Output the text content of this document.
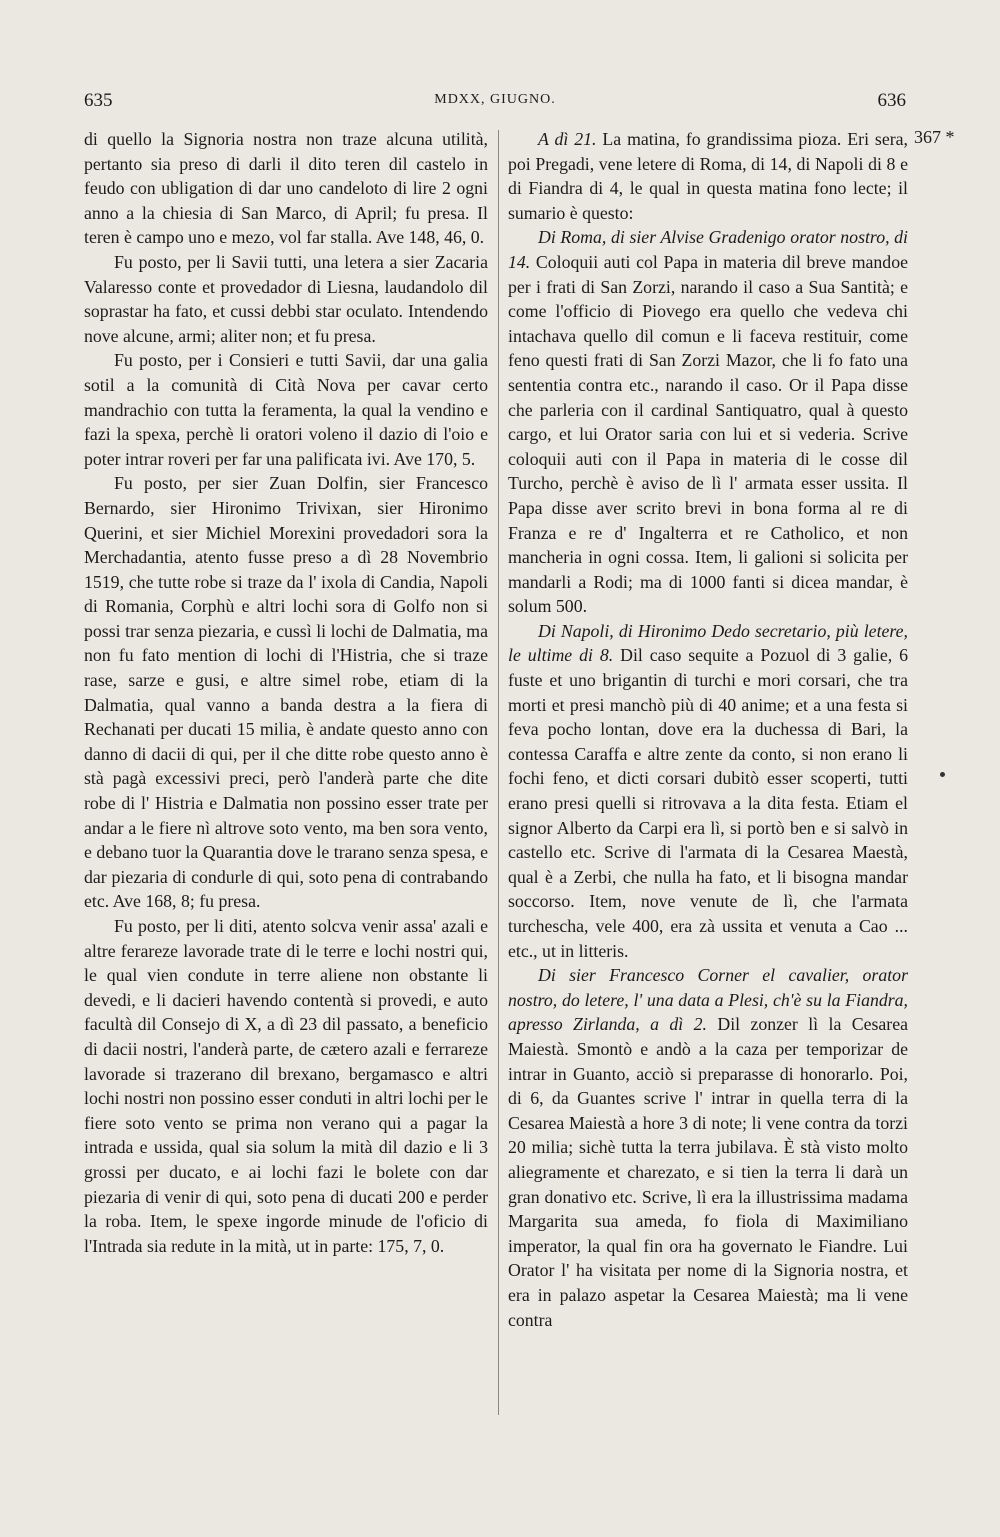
635	MDXX, GIUGNO.	636

di quello la Signoria nostra non traze alcuna utilità, pertanto sia preso di darli il dito teren dil castelo in feudo con ubligation di dar uno candeloto di lire 2 ogni anno a la chiesia di San Marco, di April; fu presa. Il teren è campo uno e mezo, vol far stalla. Ave 148, 46, 0.

Fu posto, per li Savii tutti, una letera a sier Zacaria Valaresso conte et provedador di Liesna, laudandolo dil soprastar ha fato, et cussi debbi star oculato. Intendendo nove alcune, armi; aliter non; et fu presa.

Fu posto, per i Consieri e tutti Savii, dar una galia sotil a la comunità di Cità Nova per cavar certo mandrachio con tutta la feramenta, la qual la vendino e fazi la spexa, perchè li oratori voleno il dazio di l'oio e poter intrar roveri per far una palificata ivi. Ave 170, 5.

Fu posto, per sier Zuan Dolfin, sier Francesco Bernardo, sier Hironimo Trivixan, sier Hironimo Querini, et sier Michiel Morexini provedadori sora la Merchadantia, atento fusse preso a dì 28 Novembrio 1519, che tutte robe si traze da l' ixola di Candia, Napoli di Romania, Corphù e altri lochi sora di Golfo non si possi trar senza piezaria, e cussì li lochi de Dalmatia, ma non fu fato mention di lochi di l'Histria, che si traze rase, sarze e gusi, e altre simel robe, etiam di la Dalmatia, qual vanno a banda destra a la fiera di Rechanati per ducati 15 milia, è andate questo anno con danno di dacii di qui, per il che ditte robe questo anno è stà pagà excessivi preci, però l'anderà parte che dite robe di l' Histria e Dalmatia non possino esser trate per andar a le fiere nì altrove soto vento, ma ben sora vento, e debano tuor la Quarantia dove le trarano senza spesa, e dar piezaria di condurle di qui, soto pena di contrabando etc. Ave 168, 8; fu presa.

Fu posto, per li diti, atento solcva venir assa' azali e altre ferareze lavorade trate di le terre e lochi nostri qui, le qual vien condute in terre aliene non obstante li devedi, e li dacieri havendo contentà si provedi, e auto facultà dil Consejo di X, a dì 23 dil passato, a beneficio di dacii nostri, l'anderà parte, de cætero azali e ferrareze lavorade si trazerano dil brexano, bergamasco e altri lochi nostri non possino esser conduti in altri lochi per le fiere soto vento se prima non verano qui a pagar la intrada e ussida, qual sia solum la mità dil dazio e li 3 grossi per ducato, e ai lochi fazi le bolete con dar piezaria di venir di qui, soto pena di ducati 200 e perder la roba. Item, le spexe ingorde minude de l'oficio di l'Intrada sia redute in la mità, ut in parte: 175, 7, 0.

A dì 21. La matina, fo grandissima pioza. Eri sera, poi Pregadi, vene letere di Roma, di 14, di Napoli di 8 e di Fiandra di 4, le qual in questa matina fono lecte; il sumario è questo:

Di Roma, di sier Alvise Gradenigo orator nostro, di 14. Coloquii auti col Papa in materia dil breve mandoe per i frati di San Zorzi, narando il caso a Sua Santità; e come l'officio di Piovego era quello che vedeva chi intachava quello dil comun e li faceva restituir, come feno questi frati di San Zorzi Mazor, che li fo fato una sententia contra etc., narando il caso. Or il Papa disse che parleria con il cardinal Santiquatro, qual à questo cargo, et lui Orator saria con lui et si vederia. Scrive coloquii auti con il Papa in materia di le cosse dil Turcho, perchè è aviso de lì l' armata esser ussita. Il Papa disse aver scrito brevi in bona forma al re di Franza e re d' Ingalterra et re Catholico, et non mancheria in ogni cossa. Item, li galioni si solicita per mandarli a Rodi; ma di 1000 fanti si dicea mandar, è solum 500.

Di Napoli, di Hironimo Dedo secretario, più letere, le ultime di 8. Dil caso sequite a Pozuol di 3 galie, 6 fuste et uno brigantin di turchi e mori corsari, che tra morti et presi manchò più di 40 anime; et a una festa si feva pocho lontan, dove era la duchessa di Bari, la contessa Caraffa e altre zente da conto, si non erano li fochi feno, et dicti corsari dubitò esser scoperti, tutti erano presi quelli si ritrovava a la dita festa. Etiam el signor Alberto da Carpi era lì, si portò ben e si salvò in castello etc. Scrive di l'armata di la Cesarea Maestà, qual è a Zerbi, che nulla ha fato, et li bisogna mandar soccorso. Item, nove venute de lì, che l'armata turchescha, vele 400, era zà ussita et venuta a Cao ... etc., ut in litteris.

Di sier Francesco Corner el cavalier, orator nostro, do letere, l' una data a Plesi, ch'è su la Fiandra, apresso Zirlanda, a dì 2. Dil zonzer lì la Cesarea Maiestà. Smontò e andò a la caza per temporizar de intrar in Guanto, acciò si preparasse di honorarlo. Poi, di 6, da Guantes scrive l' intrar in quella terra di la Cesarea Maiestà a hore 3 di note; li vene contra da torzi 20 milia; sichè tutta la terra jubilava. È stà visto molto aliegramente et charezato, e si tien la terra li darà un gran donativo etc. Scrive, lì era la illustrissima madama Margarita sua ameda, fo fiola di Maximiliano imperator, la qual fin ora ha governato le Fiandre. Lui Orator l' ha visitata per nome di la Signoria nostra, et era in palazo aspetar la Cesarea Maiestà; ma li vene contra

367 *
